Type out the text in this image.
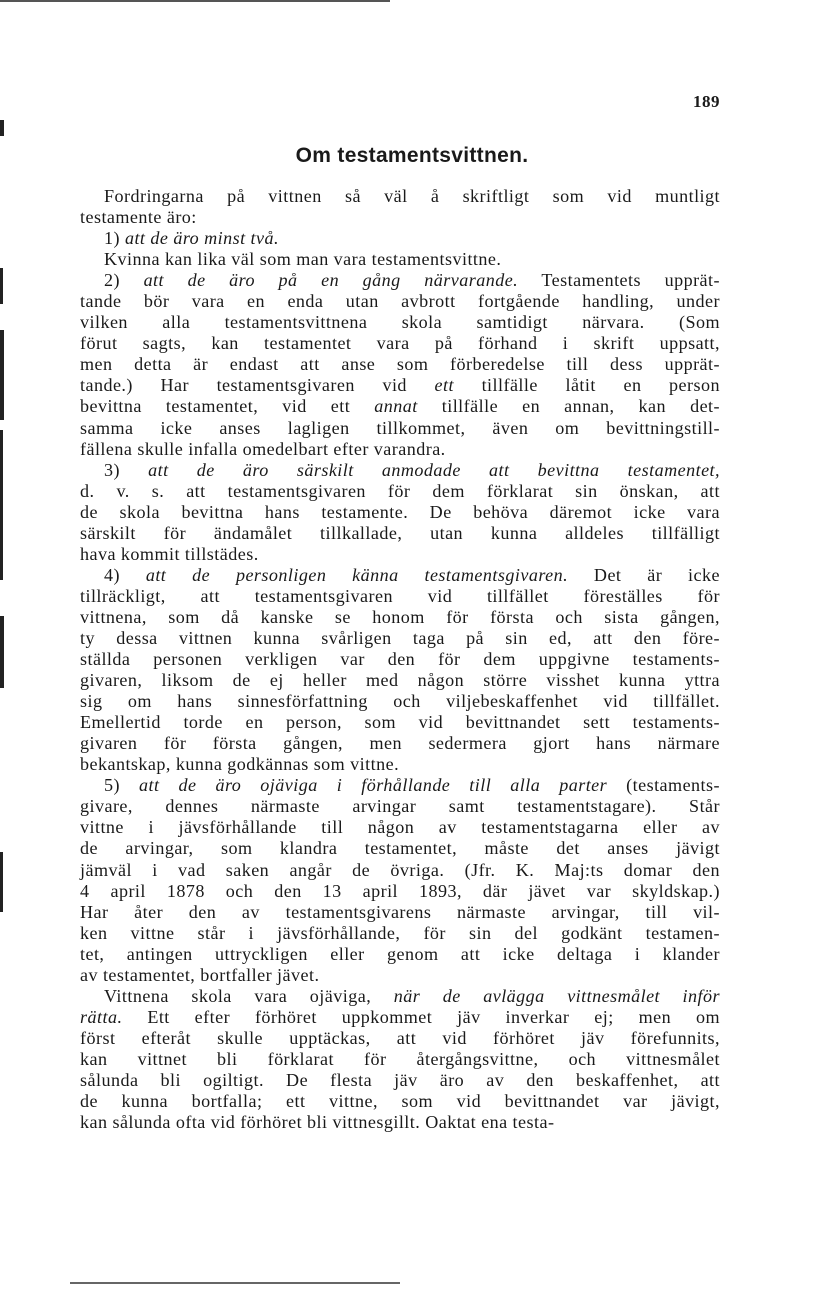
189
Om testamentsvittnen.

Fordringarna på vittnen så väl å skriftligt som vid muntligt
testamente äro:

1) att de äro minst två.

Kvinna kan lika väl som man vara testamentsvittne.

2) att de äro på en gång närvarande. Testamentets upprät-
tande bör vara en enda utan avbrott fortgående handling, under
vilken alla testamentsvittnena skola samtidigt närvara. (Som
förut sagts, kan testamentet vara på förhand i skrift uppsatt,
men detta är endast att anse som förberedelse till dess upprät-
tande.) Har testamentsgivaren vid ett tillfälle låtit en person
bevittna testamentet, vid ett annat tillfälle en annan, kan det-
samma icke anses lagligen tillkommet, även om bevittningstill-
fällena skulle infalla omedelbart efter varandra.

3) att de äro särskilt anmodade att bevittna testamentet,
d. v. s. att testamentsgivaren för dem förklarat sin önskan, att
de skola bevittna hans testamente. De behöva däremot icke vara
särskilt för ändamålet tillkallade, utan kunna alldeles tillfälligt
hava kommit tillstädes.

4) att de personligen känna testamentsgivaren. Det är icke
tillräckligt, att testamentsgivaren vid tillfället föreställes för
vittnena, som då kanske se honom för första och sista gången,
ty dessa vittnen kunna svårligen taga på sin ed, att den före-
ställda personen verkligen var den för dem uppgivne testaments-
givaren, liksom de ej heller med någon större visshet kunna yttra
sig om hans sinnesförfattning och viljebeskaffenhet vid tillfället.
Emellertid torde en person, som vid bevittnandet sett testaments-
givaren för första gången, men sedermera gjort hans närmare
bekantskap, kunna godkännas som vittne.

5) att de äro ojäviga i förhållande till alla parter (testaments-
givare, dennes närmaste arvingar samt testamentstagare). Står
vittne i jävsförhållande till någon av testamentstagarna eller av
de arvingar, som klandra testamentet, måste det anses jävigt
jämväl i vad saken angår de övriga. (Jfr. K. Maj:ts domar den
4 april 1878 och den 13 april 1893, där jävet var skyldskap.)
Har åter den av testamentsgivarens närmaste arvingar, till vil-
ken vittne står i jävsförhållande, för sin del godkänt testamen-
tet, antingen uttryckligen eller genom att icke deltaga i klander
av testamentet, bortfaller jävet.

Vittnena skola vara ojäviga, när de avlägga vittnesmålet inför
rätta. Ett efter förhöret uppkommet jäv inverkar ej; men om
först efteråt skulle upptäckas, att vid förhöret jäv förefunnits,
kan vittnet bli förklarat för återgångsvittne, och vittnesmålet
sålunda bli ogiltigt. De flesta jäv äro av den beskaffenhet, att
de kunna bortfalla; ett vittne, som vid bevittnandet var jävigt,
kan sålunda ofta vid förhöret bli vittnesgillt. Oaktat ena testa-
